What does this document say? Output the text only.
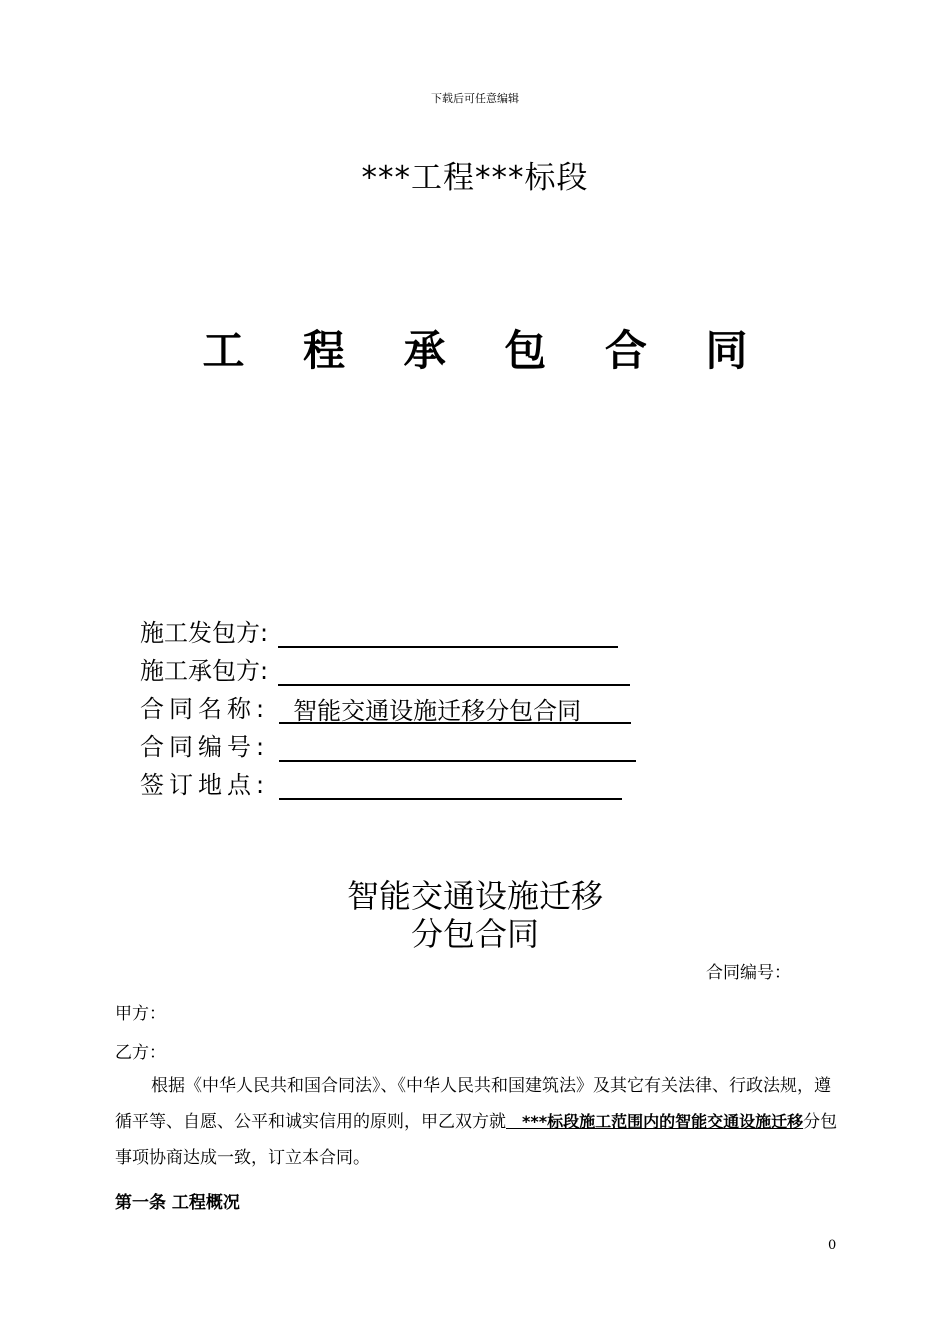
下载后可任意编辑
***工程***标段
工 程 承 包 合 同
施工发包方:
施工承包方:
合同名称: 智能交通设施迁移分包合同
合同编号:
签订地点:
智能交通设施迁移
分包合同
合同编号：
甲方：
乙方：
根据《中华人民共和国合同法》、《中华人民共和国建筑法》及其它有关法律、行政法规，遵循平等、自愿、公平和诚实信用的原则，甲乙双方就　***标段施工范围内的智能交通设施迁移分包事项协商达成一致，订立本合同。
第一条 工程概况
0
